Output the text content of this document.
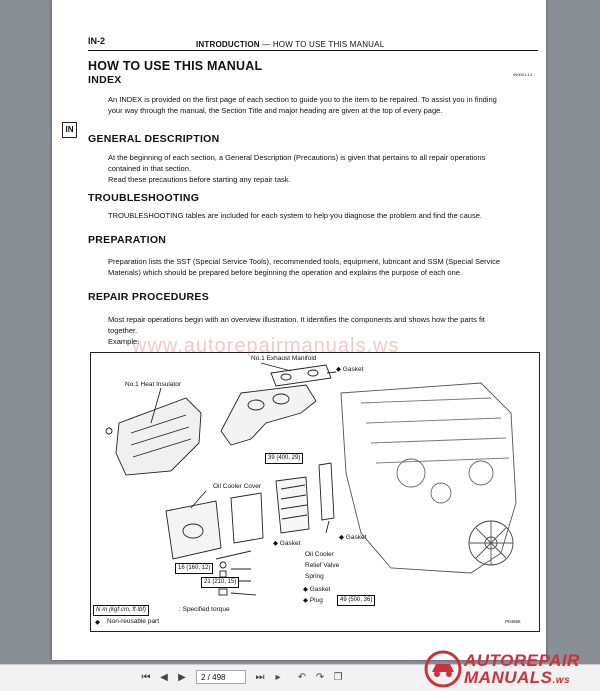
IN
IN-2	INTRODUCTION — HOW TO USE THIS MANUAL
IN0001-14
HOW TO USE THIS MANUAL
INDEX

An INDEX is provided on the first page of each section to guide you to the item to be repaired. To assist you in finding your way through the manual, the Section Title and major heading are given at the top of every page.

GENERAL DESCRIPTION

At the beginning of each section, a General Description (Precautions) is given that pertains to all repair operations contained in that section.

Read these precautions before starting any repair task.

TROUBLESHOOTING

TROUBLESHOOTING tables are included for each system to help you diagnose the problem and find the cause.

PREPARATION

Preparation lists the SST (Special Service Tools), recommended tools, equipment, lubricant and SSM (Special Service Materials) which should be prepared before beginning the operation and explains the purpose of each one.

REPAIR PROCEDURES

Most repair operations begin with an overview illustration. It identifies the components and shows how the parts fit together.

Example:

No.1 Exhaust Manifold
◆ Gasket
No.1 Heat Insulator
39 (400, 29)
Oil Cooler Cover
◆ Gasket
◆ Gasket
Oil Cooler
16 (160, 12)	Relief Valve
Spring
21 (210, 15)
◆ Gasket
◆ Plug	49 (500, 36)
N·m (kgf·cm, ft·lbf)	: Specified torque
◆ Non-reusable part	P04656
www.autorepairmanuals.ws
⏮ ◀ ▶	2 / 498	⏭	▸	↶ ↷ ❐
AUTOREPAIR
MANUALS.ws
